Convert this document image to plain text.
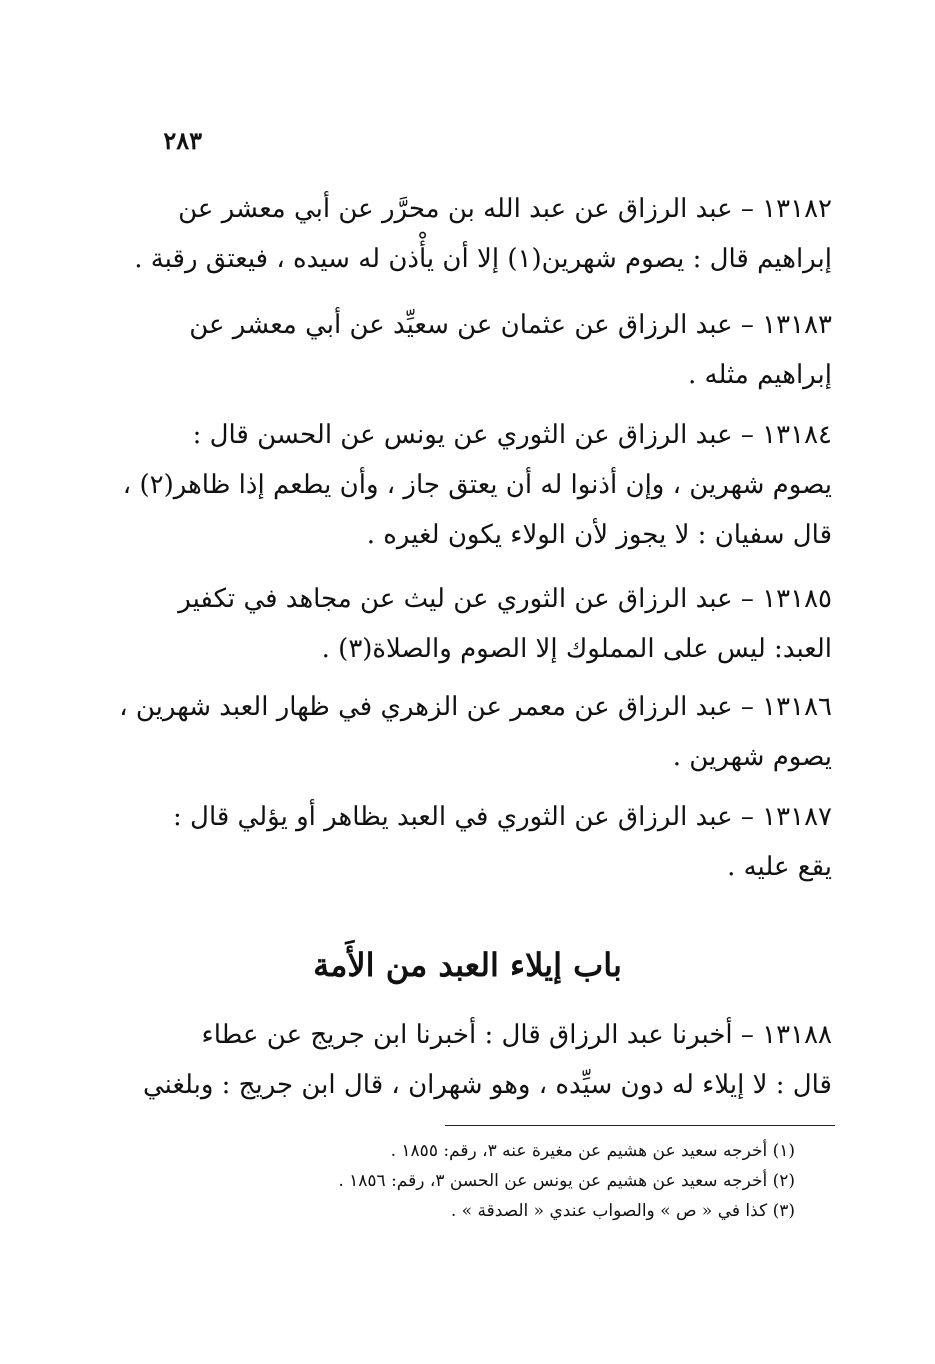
٢٨٣
١٣١٨٢ – عبد الرزاق عن عبد الله بن محرَّر عن أبي معشر عن
إبراهيم قال : يصوم شهرين(١) إلا أن يأْذن له سيده ، فيعتق رقبة .
١٣١٨٣ – عبد الرزاق عن عثمان عن سعيِّد عن أبي معشر عن
إبراهيم مثله .
١٣١٨٤ – عبد الرزاق عن الثوري عن يونس عن الحسن قال :
يصوم شهرين ، وإن أذنوا له أن يعتق جاز ، وأن يطعم إذا ظاهر(٢) ،
قال سفيان : لا يجوز لأن الولاء يكون لغيره .
١٣١٨٥ – عبد الرزاق عن الثوري عن ليث عن مجاهد في تكفير
العبد: ليس على المملوك إلا الصوم والصلاة(٣) .
١٣١٨٦ – عبد الرزاق عن معمر عن الزهري في ظهار العبد شهرين ،
يصوم شهرين .
١٣١٨٧ – عبد الرزاق عن الثوري في العبد يظاهر أو يؤلي قال :
يقع عليه .
باب إيلاء العبد من الأَمة
١٣١٨٨ – أخبرنا عبد الرزاق قال : أخبرنا ابن جريج عن عطاء
قال : لا إيلاء له دون سيِّده ، وهو شهران ، قال ابن جريج : وبلغني
(١) أخرجه سعيد عن هشيم عن مغيرة عنه ٣، رقم: ١٨٥٥ .
(٢) أخرجه سعيد عن هشيم عن يونس عن الحسن ٣، رقم: ١٨٥٦ .
(٣) كذا في « ص » والصواب عندي « الصدقة » .
